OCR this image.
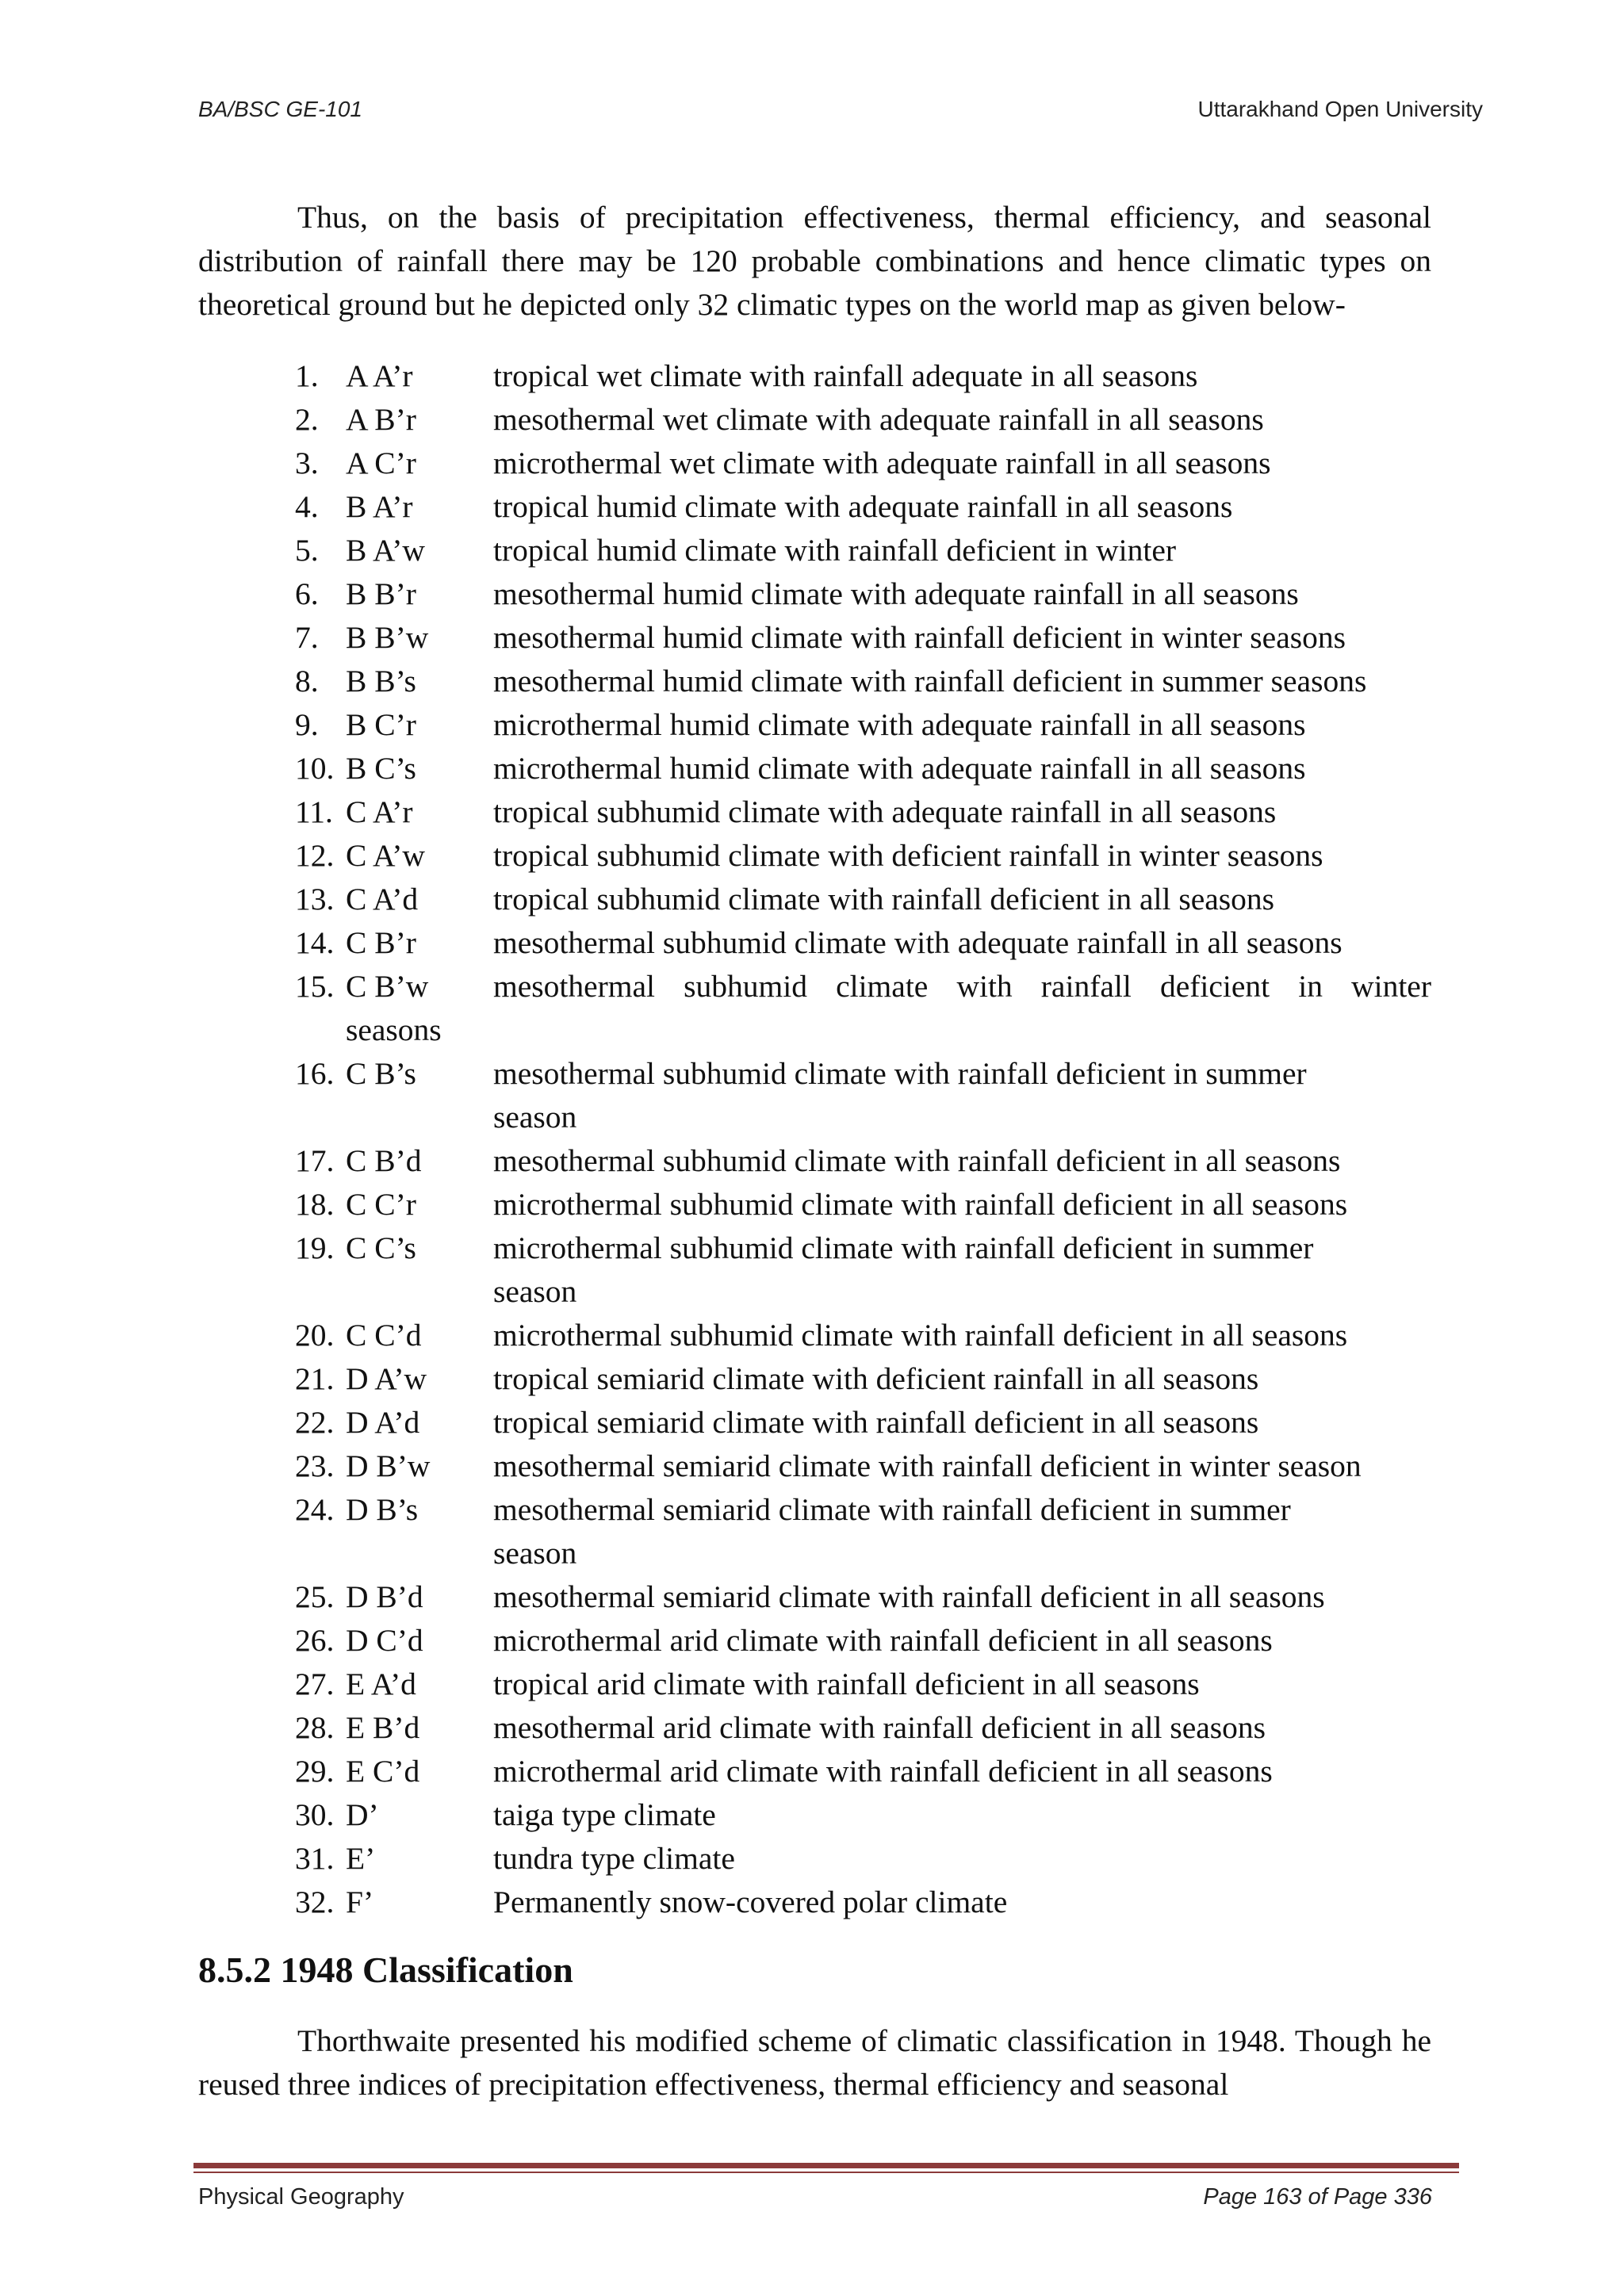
BA/BSC GE-101	Uttarakhand Open University

Thus, on the basis of precipitation effectiveness, thermal efficiency, and seasonal distribution of rainfall there may be 120 probable combinations and hence climatic types on theoretical ground but he depicted only 32 climatic types on the world map as given below-

1. A A’r	tropical wet climate with rainfall adequate in all seasons
2. A B’r mesothermal wet climate with adequate rainfall in all seasons
3. A C’r microthermal wet climate with adequate rainfall in all seasons
4. B A’r	tropical humid climate with adequate rainfall in all seasons
5. B A’w tropical humid climate with rainfall deficient in winter
6. B B’r mesothermal humid climate with adequate rainfall in all seasons
7. B B’w mesothermal humid climate with rainfall deficient in winter seasons
8. B B’s mesothermal humid climate with rainfall deficient in summer seasons
9. B C’r microthermal humid climate with adequate rainfall in all seasons
10. B C’s microthermal humid climate with adequate rainfall in all seasons
11. C A’r	tropical subhumid climate with adequate rainfall in all seasons
12. C A’w tropical subhumid climate with deficient rainfall in winter seasons
13. C A’d tropical subhumid climate with rainfall deficient in all seasons
14. C B’r mesothermal subhumid climate with adequate rainfall in all seasons
15. C B’w mesothermal subhumid climate with rainfall deficient in winter
seasons
16. C B’s mesothermal subhumid climate with rainfall deficient in summer
season
17. C B’d mesothermal subhumid climate with rainfall deficient in all seasons
18. C C’r microthermal subhumid climate with rainfall deficient in all seasons
19. C C’s microthermal subhumid climate with rainfall deficient in summer
season
20. C C’d microthermal subhumid climate with rainfall deficient in all seasons
21. D A’w tropical semiarid climate with deficient rainfall in all seasons
22. D A’d tropical semiarid climate with rainfall deficient in all seasons
23. D B’w mesothermal semiarid climate with rainfall deficient in winter season
24. D B’s mesothermal semiarid climate with rainfall deficient in summer
season
25. D B’d mesothermal semiarid climate with rainfall deficient in all seasons
26. D C’d microthermal arid climate with rainfall deficient in all seasons
27. E A’d tropical arid climate with rainfall deficient in all seasons
28. E B’d mesothermal arid climate with rainfall deficient in all seasons
29. E C’d microthermal arid climate with rainfall deficient in all seasons
30. D’	taiga type climate
31. E’	tundra type climate
32. F’	Permanently snow-covered polar climate
8.5.2 1948 Classification

Thorthwaite presented his modified scheme of climatic classification in 1948. Though he reused three indices of precipitation effectiveness, thermal efficiency and seasonal

Physical Geography	Page 163 of Page 336
